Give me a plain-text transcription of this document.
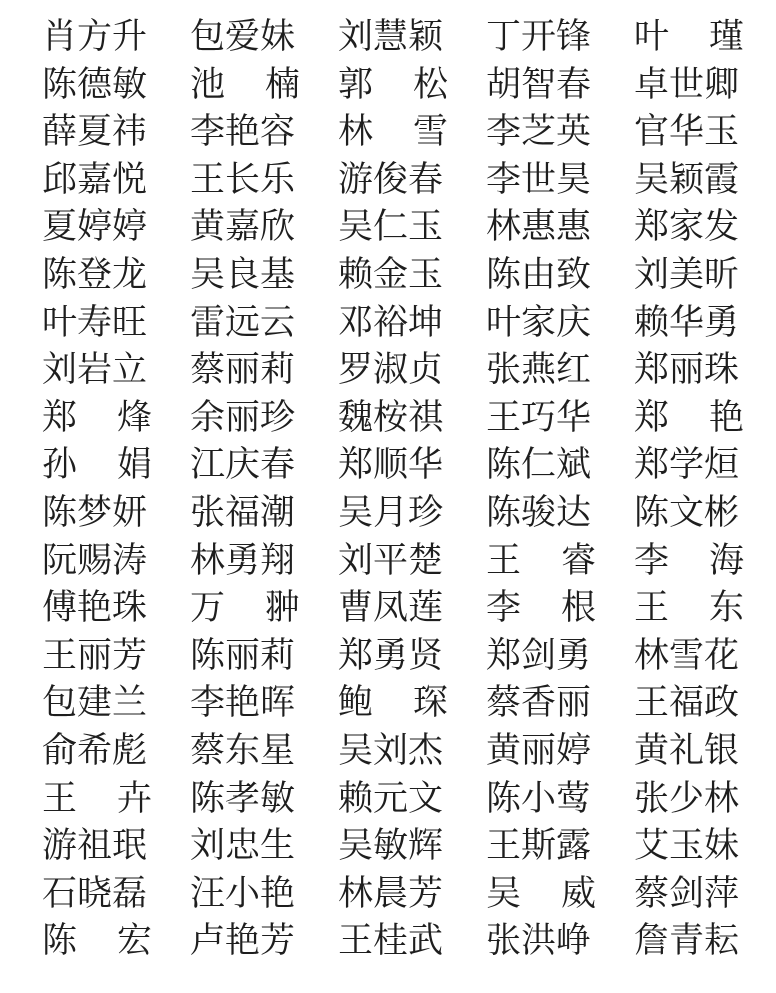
肖 方 升 包 爱 妹 刘 慧 颖 丁 开 锋 叶 瑾
陈 德 敏 池 楠 郭 松 胡 智 春 卓 世 卿
薛 夏 祎 李 艳 容 林 雪 李 芝 英 官 华 玉
邱 嘉 悦 王 长 乐 游 俊 春 李 世 昊 吴 颖 霞
夏 婷 婷 黄 嘉 欣 吴 仁 玉 林 惠 惠 郑 家 发
陈 登 龙 吴 良 基 赖 金 玉 陈 由 致 刘 美 昕
叶 寿 旺 雷 远 云 邓 裕 坤 叶 家 庆 赖 华 勇
刘 岩 立 蔡 丽 莉 罗 淑 贞 张 燕 红 郑 丽 珠
郑 烽 余 丽 珍 魏 桉 祺 王 巧 华 郑 艳
孙 娟 江 庆 春 郑 顺 华 陈 仁 斌 郑 学 烜
陈 梦 妍 张 福 潮 吴 月 珍 陈 骏 达 陈 文 彬
阮 赐 涛 林 勇 翔 刘 平 楚 王 睿 李 海
傅 艳 珠 万 翀 曹 凤 莲 李 根 王 东
王 丽 芳 陈 丽 莉 郑 勇 贤 郑 剑 勇 林 雪 花
包 建 兰 李 艳 晖 鲍 琛 蔡 香 丽 王 福 政
俞 希 彪 蔡 东 星 吴 刘 杰 黄 丽 婷 黄 礼 银
王 卉 陈 孝 敏 赖 元 文 陈 小 莺 张 少 林
游 祖 珉 刘 忠 生 吴 敏 辉 王 斯 露 艾 玉 妹
石 晓 磊 汪 小 艳 林 晨 芳 吴 威 蔡 剑 萍
陈 宏 卢 艳 芳 王 桂 武 张 洪 峥 詹 青 耘
